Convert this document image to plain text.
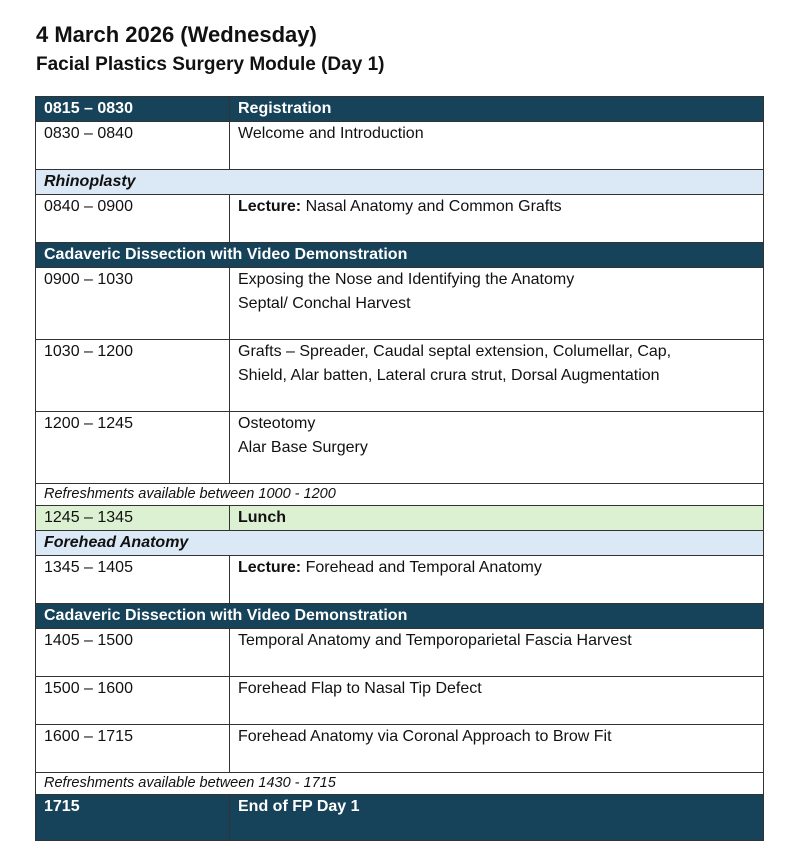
4 March 2026 (Wednesday)
Facial Plastics Surgery Module (Day 1)
0815 – 0830	Registration
0830 – 0840	Welcome and Introduction
Rhinoplasty	
0840 – 0900	Lecture: Nasal Anatomy and Common Grafts
Cadaveric Dissection with Video Demonstration	
0900 – 1030	Exposing the Nose and Identifying the Anatomy
Septal/ Conchal Harvest

1030 – 1200	Grafts – Spreader, Caudal septal extension, Columellar, Cap,
Shield, Alar batten, Lateral crura strut, Dorsal Augmentation

1200 – 1245	Osteotomy
Alar Base Surgery

Refreshments available between 1000 - 1200	
1245 – 1345	Lunch
Forehead Anatomy	
1345 – 1405	Lecture: Forehead and Temporal Anatomy
Cadaveric Dissection with Video Demonstration	
1405 – 1500	Temporal Anatomy and Temporoparietal Fascia Harvest
1500 – 1600	Forehead Flap to Nasal Tip Defect
1600 – 1715	Forehead Anatomy via Coronal Approach to Brow Fit
Refreshments available between 1430 - 1715	
1715	End of FP Day 1
